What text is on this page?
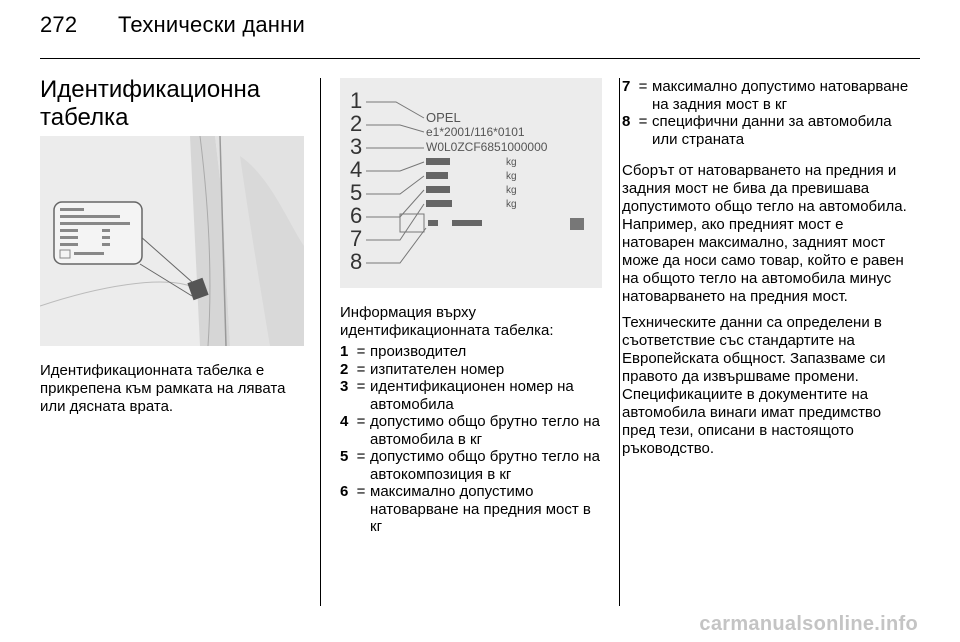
272 Технически данни
Идентификационна
табелка
Идентификационната табелка е прикрепена към рамката на лявата или дясната врата.
1
2
3
4
5
6
7
8
OPEL
e1*2001/116*0101
W0L0ZCF6851000000
kg
kg
kg
kg
Информация върху идентификационната табелка:
1 = производител
2 = изпитателен номер
3 = идентификационен номер на автомобила
4 = допустимо общо брутно тегло на автомобила в кг
5 = допустимо общо брутно тегло на автокомпозиция в кг
6 = максимално допустимо натоварване на предния мост в кг
7 = максимално допустимо натоварване на задния мост в кг
8 = специфични данни за автомобила или страната

Сборът от натоварването на предния и задния мост не бива да превишава допустимото общо тегло на автомобила. Например, ако предният мост е натоварен максимално, задният мост може да носи само товар, който е равен на общото тегло на автомобила минус натоварването на предния мост.

Техническите данни са определени в съответствие със стандартите на Европейската общност. Запазваме си правото да извършваме промени. Спецификациите в документите на автомобила винаги имат предимство пред тези, описани в настоящото ръководство.

carmanualsonline.info
